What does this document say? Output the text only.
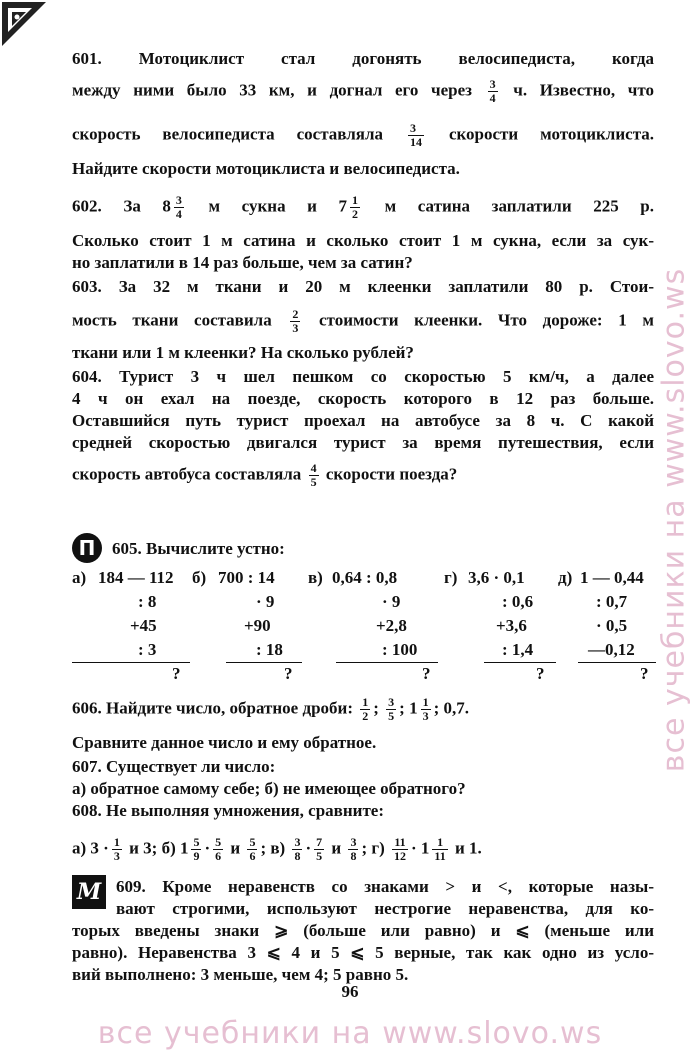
601. Мотоциклист стал догонять велосипедиста, когда
между ними было 33 км, и догнал его через $\frac{3}{4} ч$. Известно, что
скорость велосипедиста составляла $\frac{3}{14}$ скорости мотоциклиста.
Найдите скорости мотоциклиста и велосипедиста.
602. За $8 \frac{3}{4}$ м сукна и $7 \frac{1}{2}$ м сатина заплатили 225 р.
Сколько стоит 1 м сатина и сколько стоит 1 м сукна, если за сук-
но заплатили в 14 раз больше, чем за сатин?
603. За 32 м ткани и 20 м клеенки заплатили 80 р. Стои-
мость ткани составила $\frac{2}{3}$ стоимости клеенки. Что дороже: 1 м
ткани или 1 м клеенки? На сколько рублей?
604. Турист 3 ч шел пешком со скоростью 5 км/ч, а далее
4 ч он ехал на поезде, скорость которого в 12 раз больше.
Оставшийся путь турист проехал на автобусе за 8 ч. С какой
средней скоростью двигался турист за время путешествия, если
скорость автобуса составляла $\frac{4}{5}$ скорости поезда?
П 605. Вычислите устно:
а) 184 — 112
: 8
+45
: 3
?
б) 700 : 14
· 9
+90
: 18
?
в) 0,64 : 0,8
· 9
+2,8
: 100
?
г) 3,6 · 0,1
: 0,6
+3,6
: 1,4
?
д) 1 — 0,44
: 0,7
· 0,5
—0,12
?
606. Найдите число, обратное дроби: $\frac{1}{2}$ ; $\frac{3}{5}$ ; $1 \frac{1}{3}$ ; 0,7.
Сравните данное число и ему обратное.
607. Существует ли число:
а) обратное самому себе; б) не имеющее обратного?
608. Не выполняя умножения, сравните:
а) $3 \cdot \frac{1}{3}$ и 3; б) $1 \frac{5}{9} \cdot \frac{5}{6}$ и $\frac{5}{6}$ ; $в) \frac{3}{8} \cdot \frac{7}{5}$ и $\frac{3}{8}$ ; $г) \frac{11}{12} \cdot 1 \frac{1}{11}$ и 1.
M 609. Кроме неравенств со знаками > и <, которые назы-
вают строгими, используют нестрогие неравенства, для ко-
торых введены знаки ⩾ (больше или равно) и ⩽ (меньше или
равно). Неравенства 3 ⩽ 4 и 5 ⩽ 5 верные, так как одно из усло-
вий выполнено: 3 меньше, чем 4; 5 равно 5.
96
все учебники на www.slovo.ws
все учебники на www.slovo.ws
